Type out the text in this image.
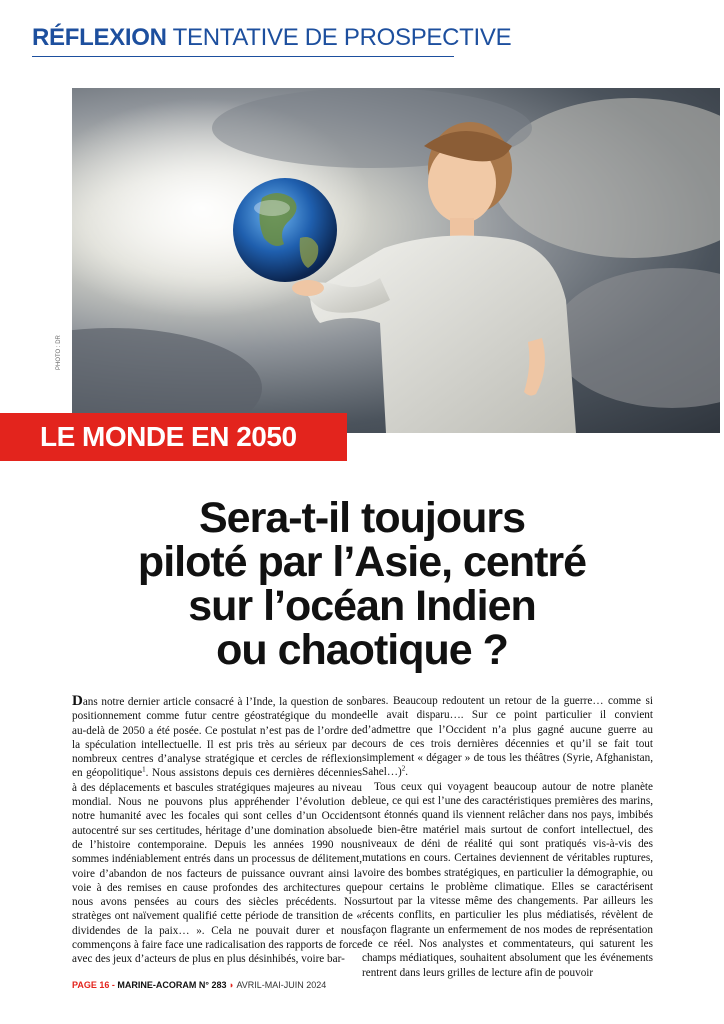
RÉFLEXION TENTATIVE DE PROSPECTIVE
PHOTO : DR
LE MONDE EN 2050
Sera-t-il toujours
piloté par l’Asie, centré
sur l’océan Indien
ou chaotique ?

Dans notre dernier article consacré à l’Inde, la question de son positionnement comme futur centre géostratégique du monde au-delà de 2050 a été posée. Ce postulat n’est pas de l’ordre de la spéculation intellectuelle. Il est pris très au sérieux par de nombreux centres d’analyse stratégique et cercles de réflexion en géopolitique$^1$. Nous assistons depuis ces dernières décennies à des déplacements et bascules stratégiques majeures au niveau mondial. Nous ne pouvons plus appréhender l’évolution de notre humanité avec les focales qui sont celles d’un Occident autocentré sur ses certitudes, héritage d’une domination absolue de l’histoire contemporaine. Depuis les années 1990 nous sommes indéniablement entrés dans un processus de délitement, voire d’abandon de nos facteurs de puissance ouvrant ainsi la voie à des remises en cause profondes des architectures que nous avons pensées au cours des siècles précédents. Nos stratèges ont naïvement qualifié cette période de transition de « dividendes de la paix… ». Cela ne pouvait durer et nous commençons à faire face une radicalisation des rapports de force avec des jeux d’acteurs de plus en plus désinhibés, voire bar-

bares. Beaucoup redoutent un retour de la guerre… comme si elle avait disparu…. Sur ce point particulier il convient d’admettre que l’Occident n’a plus gagné aucune guerre au cours de ces trois dernières décennies et qu’il se fait tout simplement « dégager » de tous les théâtres (Syrie, Afghanistan, Sahel…)$^2$.

Tous ceux qui voyagent beaucoup autour de notre planète bleue, ce qui est l’une des caractéristiques premières des marins, sont étonnés quand ils viennent relâcher dans nos pays, imbibés de bien-être matériel mais surtout de confort intellectuel, des niveaux de déni de réalité qui sont pratiqués vis-à-vis des mutations en cours. Certaines deviennent de véritables ruptures, voire des bombes stratégiques, en particulier la démographie, ou pour certains le problème climatique. Elles se caractérisent surtout par la vitesse même des changements. Par ailleurs les récents conflits, en particulier les plus médiatisés, révèlent de façon flagrante un enfermement de nos modes de représentation de ce réel. Nos analystes et commentateurs, qui saturent les champs médiatiques, souhaitent absolument que les événements rentrent dans leurs grilles de lecture afin de pouvoir

PAGE 16 - MARINE-ACORAM N° 283 ◗ AVRIL-MAI-JUIN 2024
